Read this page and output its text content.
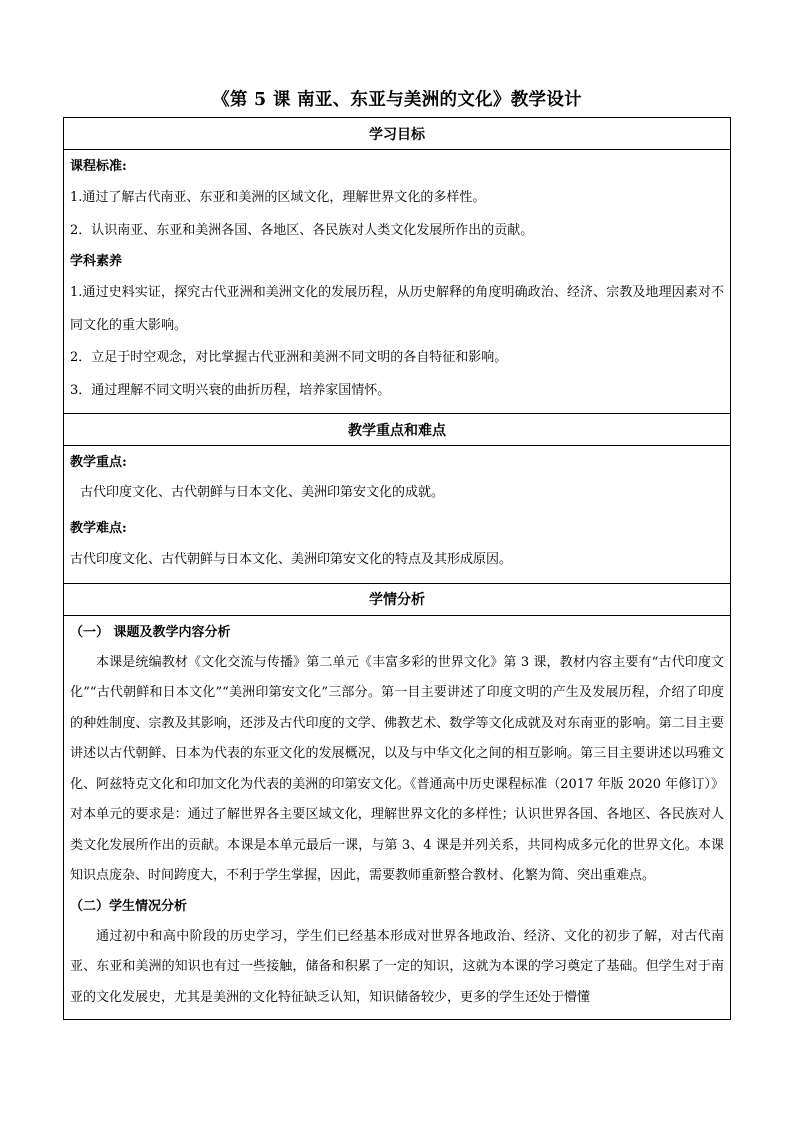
《第 5 课 南亚、东亚与美洲的文化》教学设计
学习目标

课程标准:

1.通过了解古代南亚、东亚和美洲的区域文化，理解世界文化的多样性。

2．认识南亚、东亚和美洲各国、各地区、各民族对人类文化发展所作出的贡献。

学科素养

1.通过史料实证，探究古代亚洲和美洲文化的发展历程，从历史解释的角度明确政治、经济、宗教及地理因素对不同文化的重大影响。

2．立足于时空观念，对比掌握古代亚洲和美洲不同文明的各自特征和影响。

3．通过理解不同文明兴衰的曲折历程，培养家国情怀。

教学重点和难点

教学重点:

古代印度文化、古代朝鲜与日本文化、美洲印第安文化的成就。

教学难点:

古代印度文化、古代朝鲜与日本文化、美洲印第安文化的特点及其形成原因。

学情分析

（一） 课题及教学内容分析

本课是统编教材《文化交流与传播》第二单元《丰富多彩的世界文化》第 3 课，教材内容主要有“古代印度文化”“古代朝鲜和日本文化”“美洲印第安文化”三部分。第一目主要讲述了印度文明的产生及发展历程，介绍了印度的种姓制度、宗教及其影响，还涉及古代印度的文学、佛教艺术、数学等文化成就及对东南亚的影响。第二目主要讲述以古代朝鲜、日本为代表的东亚文化的发展概况，以及与中华文化之间的相互影响。第三目主要讲述以玛雅文化、阿兹特克文化和印加文化为代表的美洲的印第安文化。《普通高中历史课程标准（2017 年版 2020 年修订）》对本单元的要求是：通过了解世界各主要区域文化，理解世界文化的多样性；认识世界各国、各地区、各民族对人类文化发展所作出的贡献。本课是本单元最后一课，与第 3、4 课是并列关系，共同构成多元化的世界文化。本课知识点庞杂、时间跨度大，不利于学生掌握，因此，需要教师重新整合教材、化繁为简、突出重难点。

（二）学生情况分析

通过初中和高中阶段的历史学习，学生们已经基本形成对世界各地政治、经济、文化的初步了解，对古代南亚、东亚和美洲的知识也有过一些接触，储备和积累了一定的知识，这就为本课的学习奠定了基础。但学生对于南亚的文化发展史，尤其是美洲的文化特征缺乏认知，知识储备较少，更多的学生还处于懵懂
